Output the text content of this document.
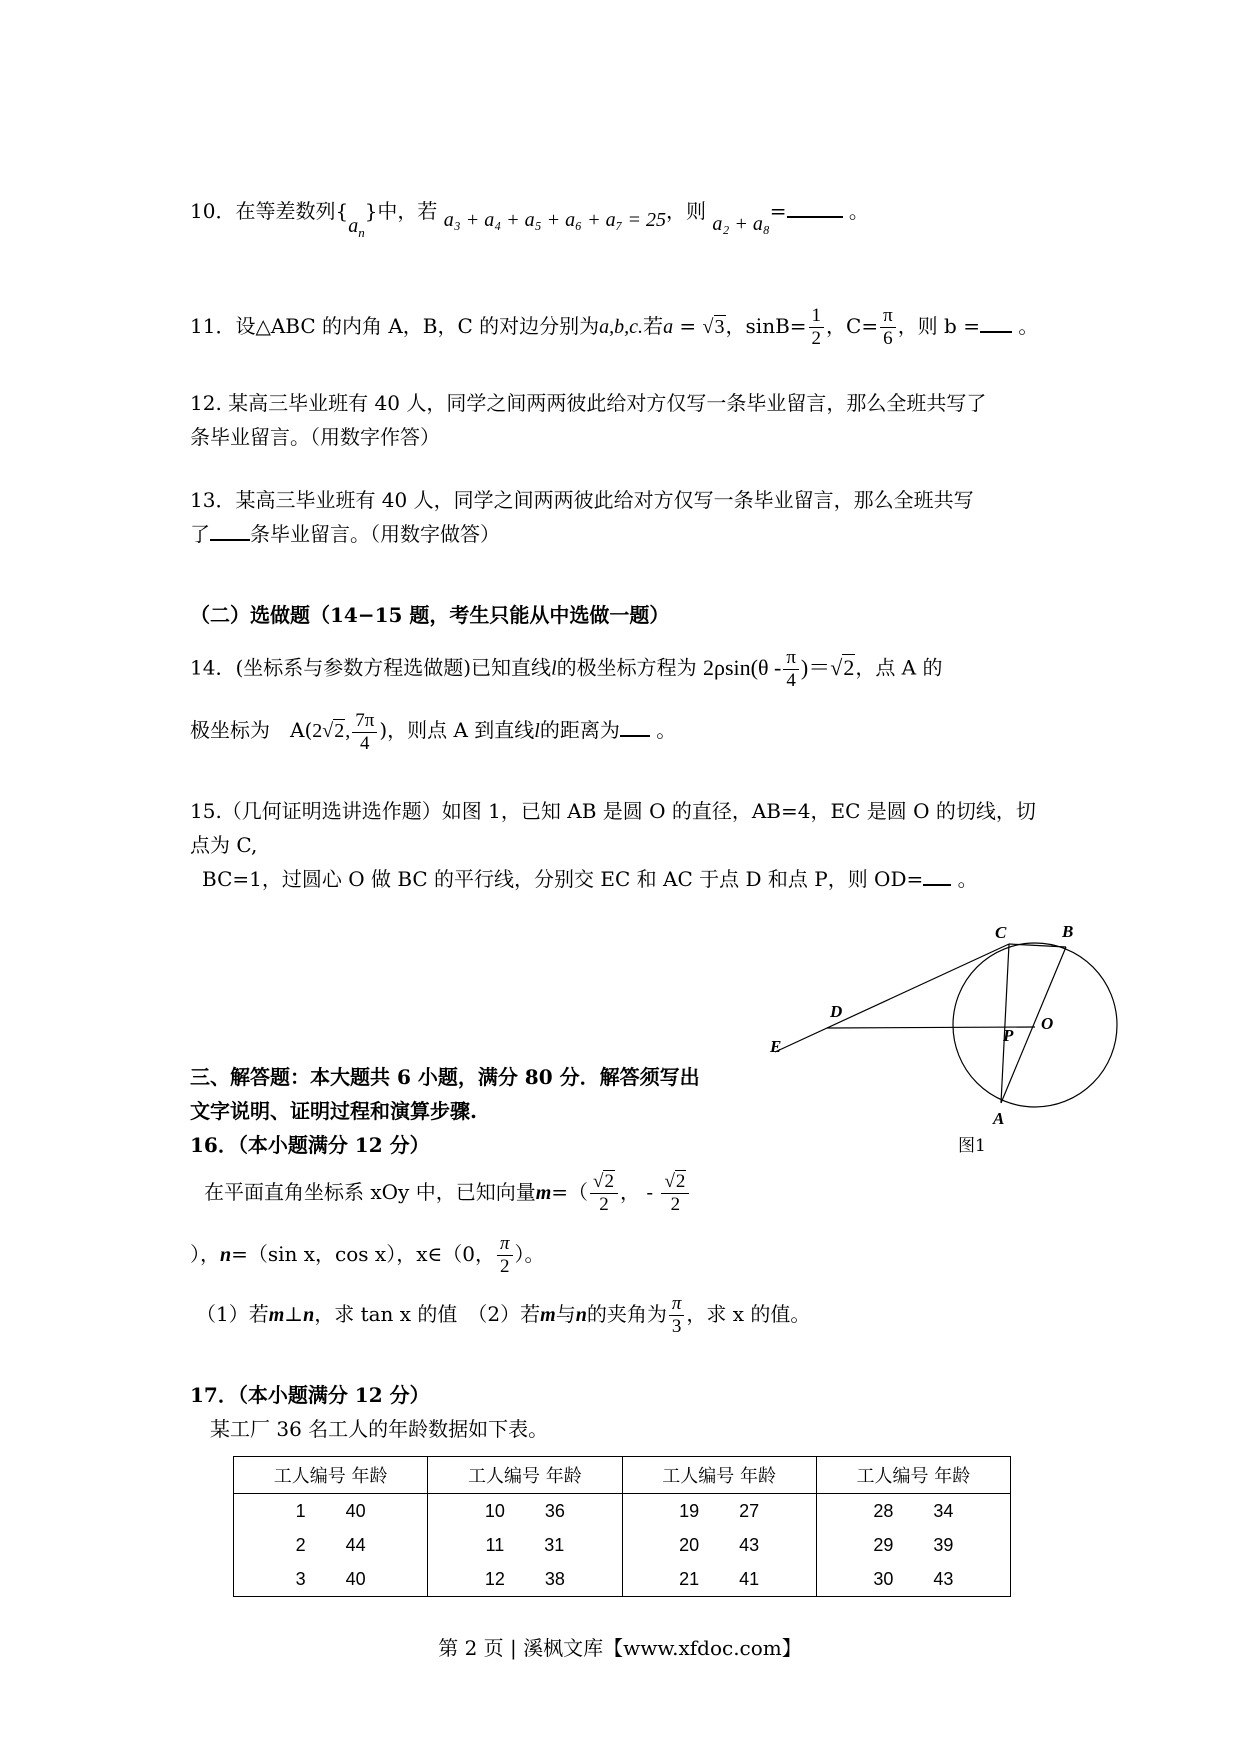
10．在等差数列$\{a_n\}$中，若 a₃ + a₄ + a₅ + a₆ + a₇ = 25，则 a₂ + a₈=	。
11．设△ABC 的内角 A，B，C 的对边分别为a,b,c.若a = √3，$\sin B= \frac{1}{2}$ ，$C= \frac{\pi}{6}$ ，则 b = 。
12. 某高三毕业班有 40 人，同学之间两两彼此给对方仅写一条毕业留言，那么全班共写了
条毕业留言。（用数字作答）
13．某高三毕业班有 40 人，同学之间两两彼此给对方仅写一条毕业留言，那么全班共写
了 条毕业留言。（用数字做答）
（二）选做题（14−15 题，考生只能从中选做一题）
14．(坐标系与参数方程选做题)已知直线l的极坐标方程为 $2\rho\sin(\theta - \frac{\pi}{4} )=√2$，点 A 的
极坐标为　A(2√2, $\frac{7\pi}{4}$ )，则点 A 到直线l的距离为 。
15.（几何证明选讲选作题）如图 1，已知 AB 是圆 O 的直径，AB=4，EC 是圆 O 的切线，切
点为 C,
BC=1，过圆心 O 做 BC 的平行线，分别交 EC 和 AC 于点 D 和点 P，则 OD= 。
C	B
D
E
P
O
A
图1
三、解答题：本大题共 6 小题，满分 80 分．解答须写出
文字说明、证明过程和演算步骤.
16．（本小题满分 12 分）
在平面直角坐标系 xOy 中，已知向量$m=( \frac{√2}{2}$ ， - $\frac{√2}{2}$
），n=（sin x，cos x），x∈（0， $\frac{\pi}{2}$ ）。
（1）若m⊥n，求 tan x 的值　（2）若m与n的夹角为 $\frac{\pi}{3}$ ，求 x 的值。
17．（本小题满分 12 分）
某工厂 36 名工人的年龄数据如下表。
工人编号 年龄	工人编号 年龄	工人编号 年龄	工人编号 年龄

1 40	10 36	19 27	28 34

2 44	11 31	20 43	29 39

3 40	12 38	21 41	30 43
第 2 页 | 溪枫文库【www.xfdoc.com】
